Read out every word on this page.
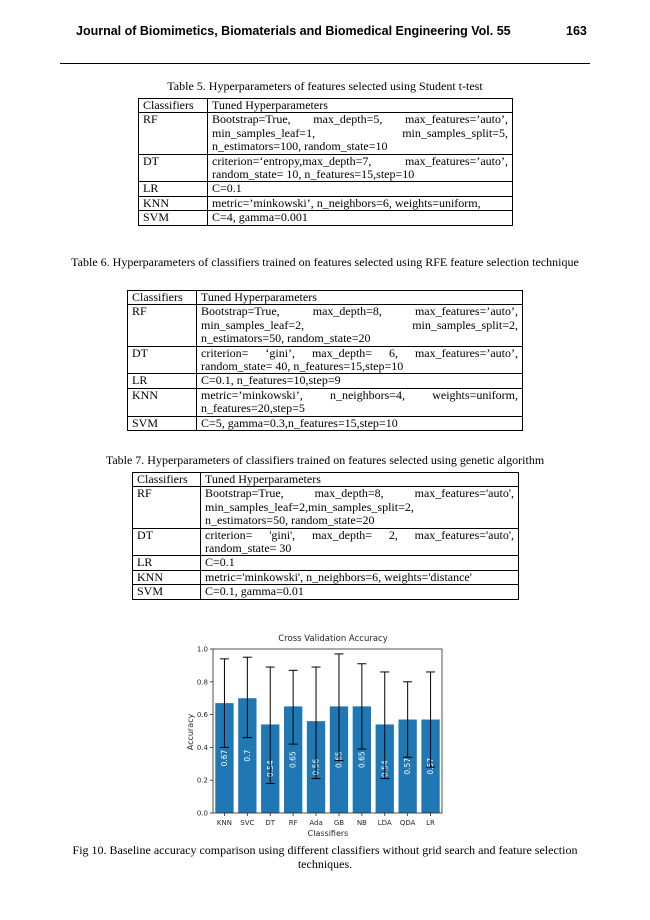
Journal of Biomimetics, Biomaterials and Biomedical Engineering Vol. 55	163
Table 5. Hyperparameters of features selected using Student t-test
Classifiers	Tuned Hyperparameters
RF	Bootstrap=True, max_depth=5, max_features=’auto’,
min_samples_leaf=1, min_samples_split=5,
n_estimators=100, random_state=10

DT	criterion=‘entropy,max_depth=7, max_features=’auto’,
random_state= 10, n_features=15,step=10

LR	C=0.1

KNN	metric=’minkowski’, n_neighbors=6, weights=uniform,

SVM	C=4, gamma=0.001
Table 6. Hyperparameters of classifiers trained on features selected using RFE feature selection technique
Classifiers	Tuned Hyperparameters
RF	Bootstrap=True, max_depth=8, max_features=’auto’,
min_samples_leaf=2, min_samples_split=2,
n_estimators=50, random_state=20

DT	criterion= ‘gini’, max_depth= 6, max_features=’auto’,
random_state= 40, n_features=15,step=10

LR	C=0.1, n_features=10,step=9

KNN	metric=’minkowski’, n_neighbors=4, weights=uniform,
n_features=20,step=5

SVM	C=5, gamma=0.3,n_features=15,step=10
Table 7. Hyperparameters of classifiers trained on features selected using genetic algorithm
Classifiers	Tuned Hyperparameters
RF	Bootstrap=True, max_depth=8, max_features='auto',
min_samples_leaf=2,min_samples_split=2,
n_estimators=50, random_state=20

DT	criterion= 'gini', max_depth= 2, max_features='auto',
random_state= 30

LR	C=0.1

KNN	metric='minkowski', n_neighbors=6, weights='distance'

SVM	C=0.1, gamma=0.01
Cross Validation Accuracy
Accuracy
Classifiers
0.67
KNN
0.7
SVC
0.54
DT
0.65
RF
0.56
Ada
0.65
GB
0.65
NB
0.54
LDA
0.57
QDA
0.57
LR
0.0
0.2
0.4
0.6
0.8
1.0
Fig 10. Baseline accuracy comparison using different classifiers without grid search and feature selection techniques.
